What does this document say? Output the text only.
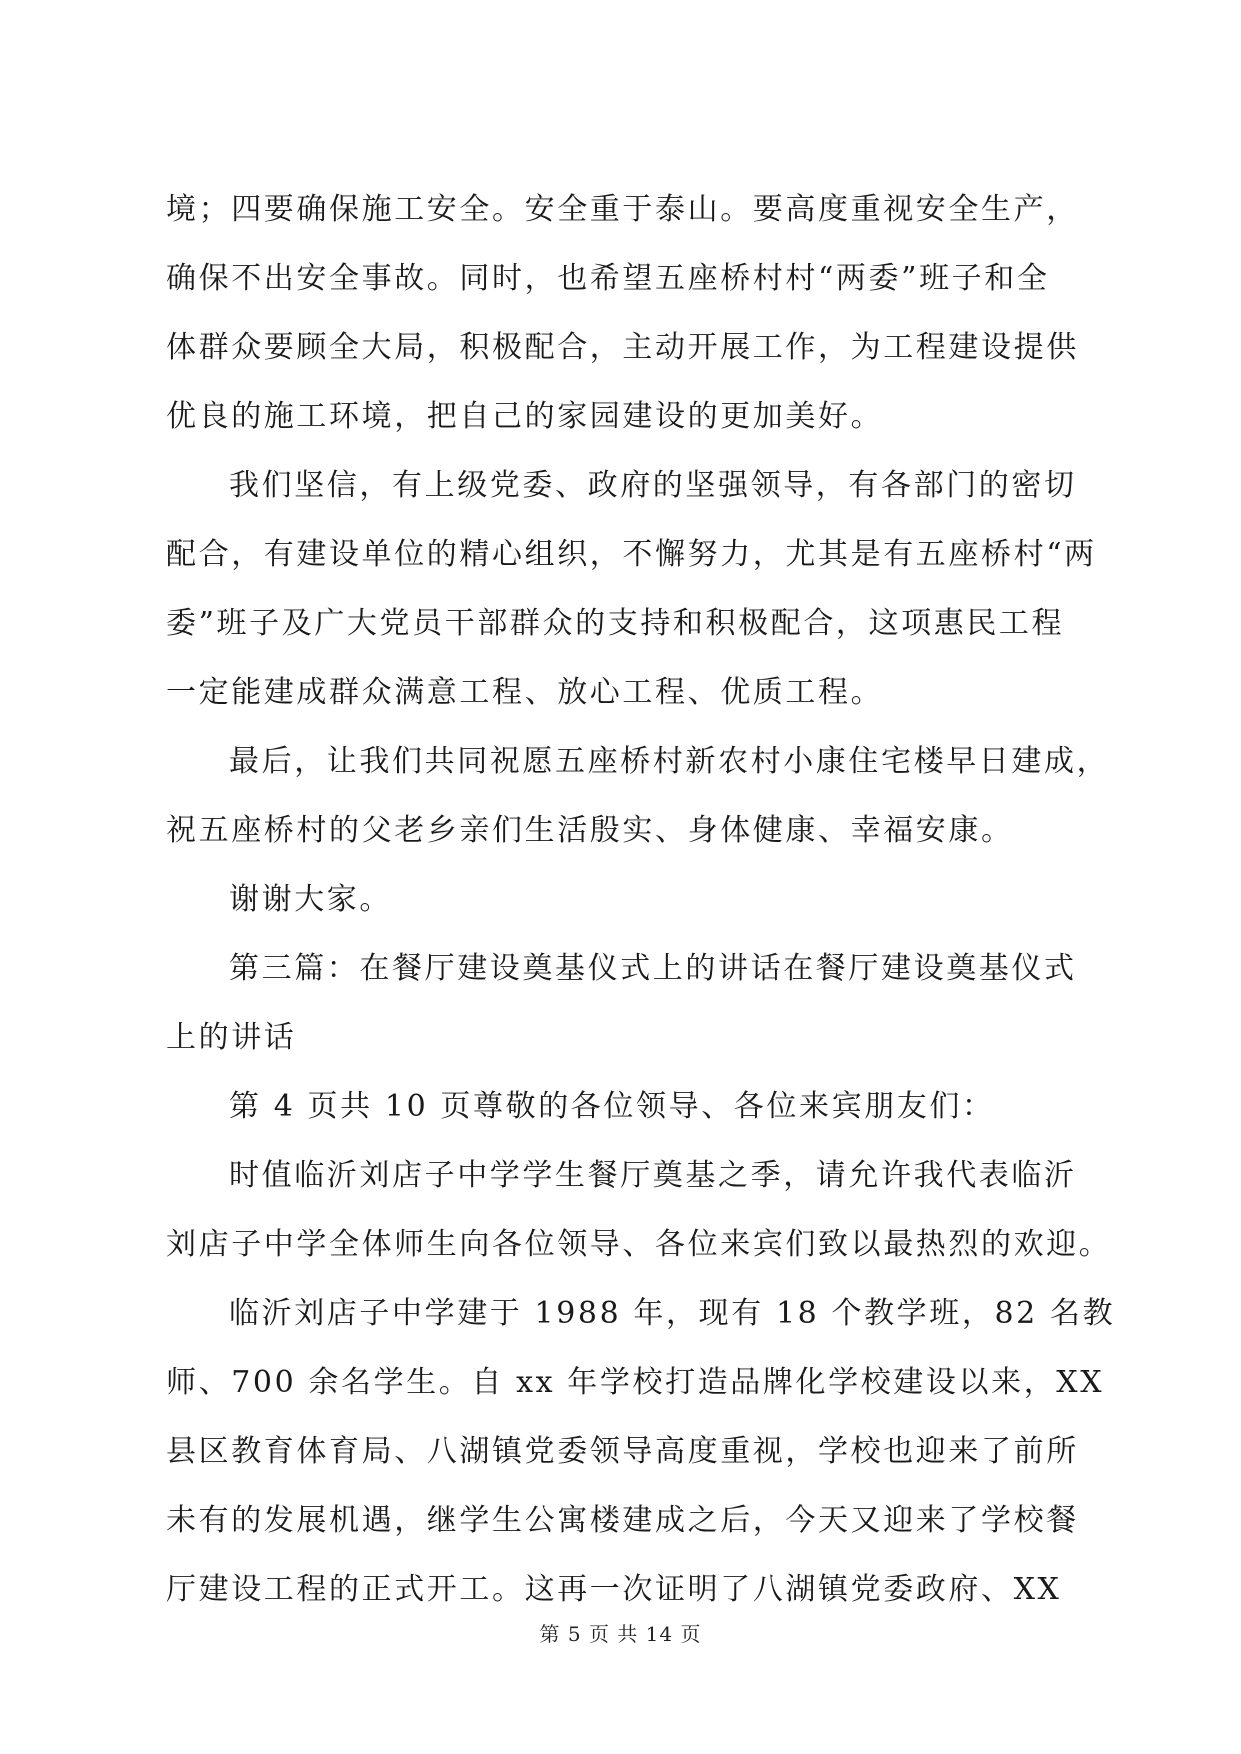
境；四要确保施工安全。安全重于泰山。要高度重视安全生产，
确保不出安全事故。同时，也希望五座桥村村“两委”班子和全
体群众要顾全大局，积极配合，主动开展工作，为工程建设提供
优良的施工环境，把自己的家园建设的更加美好。
我们坚信，有上级党委、政府的坚强领导，有各部门的密切
配合，有建设单位的精心组织，不懈努力，尤其是有五座桥村“两
委”班子及广大党员干部群众的支持和积极配合，这项惠民工程
一定能建成群众满意工程、放心工程、优质工程。
最后，让我们共同祝愿五座桥村新农村小康住宅楼早日建成，
祝五座桥村的父老乡亲们生活殷实、身体健康、幸福安康。
谢谢大家。
第三篇：在餐厅建设奠基仪式上的讲话在餐厅建设奠基仪式
上的讲话
第 4 页共 10 页尊敬的各位领导、各位来宾朋友们：
时值临沂刘店子中学学生餐厅奠基之季，请允许我代表临沂
刘店子中学全体师生向各位领导、各位来宾们致以最热烈的欢迎。
临沂刘店子中学建于 1988 年，现有 18 个教学班，82 名教
师、700 余名学生。自 xx 年学校打造品牌化学校建设以来，XX
县区教育体育局、八湖镇党委领导高度重视，学校也迎来了前所
未有的发展机遇，继学生公寓楼建成之后，今天又迎来了学校餐
厅建设工程的正式开工。这再一次证明了八湖镇党委政府、XX
第 5 页 共 14 页
